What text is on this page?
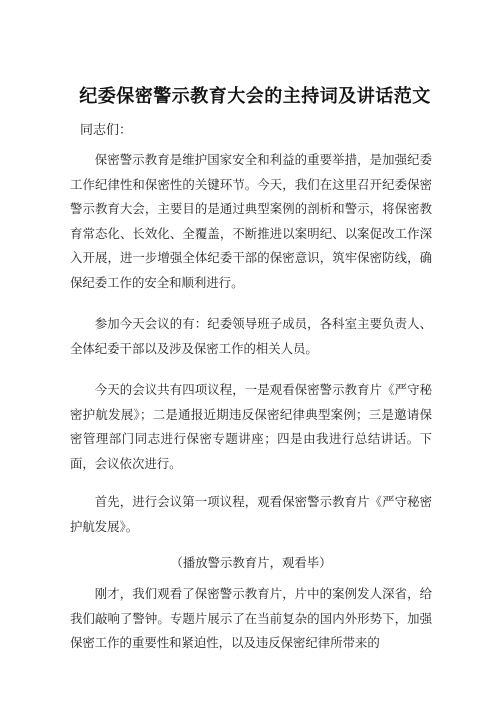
纪委保密警示教育大会的主持词及讲话范文
同志们：

保密警示教育是维护国家安全和利益的重要举措，是加强纪委工作纪律性和保密性的关键环节。今天，我们在这里召开纪委保密警示教育大会，主要目的是通过典型案例的剖析和警示，将保密教育常态化、长效化、全覆盖，不断推进以案明纪、以案促改工作深入开展，进一步增强全体纪委干部的保密意识，筑牢保密防线，确保纪委工作的安全和顺利进行。

参加今天会议的有：纪委领导班子成员，各科室主要负责人、全体纪委干部以及涉及保密工作的相关人员。

今天的会议共有四项议程，一是观看保密警示教育片《严守秘密护航发展》；二是通报近期违反保密纪律典型案例；三是邀请保密管理部门同志进行保密专题讲座；四是由我进行总结讲话。下面，会议依次进行。

首先，进行会议第一项议程，观看保密警示教育片《严守秘密护航发展》。

（播放警示教育片，观看毕）

刚才，我们观看了保密警示教育片，片中的案例发人深省，给我们敲响了警钟。专题片展示了在当前复杂的国内外形势下，加强保密工作的重要性和紧迫性，以及违反保密纪律所带来的
